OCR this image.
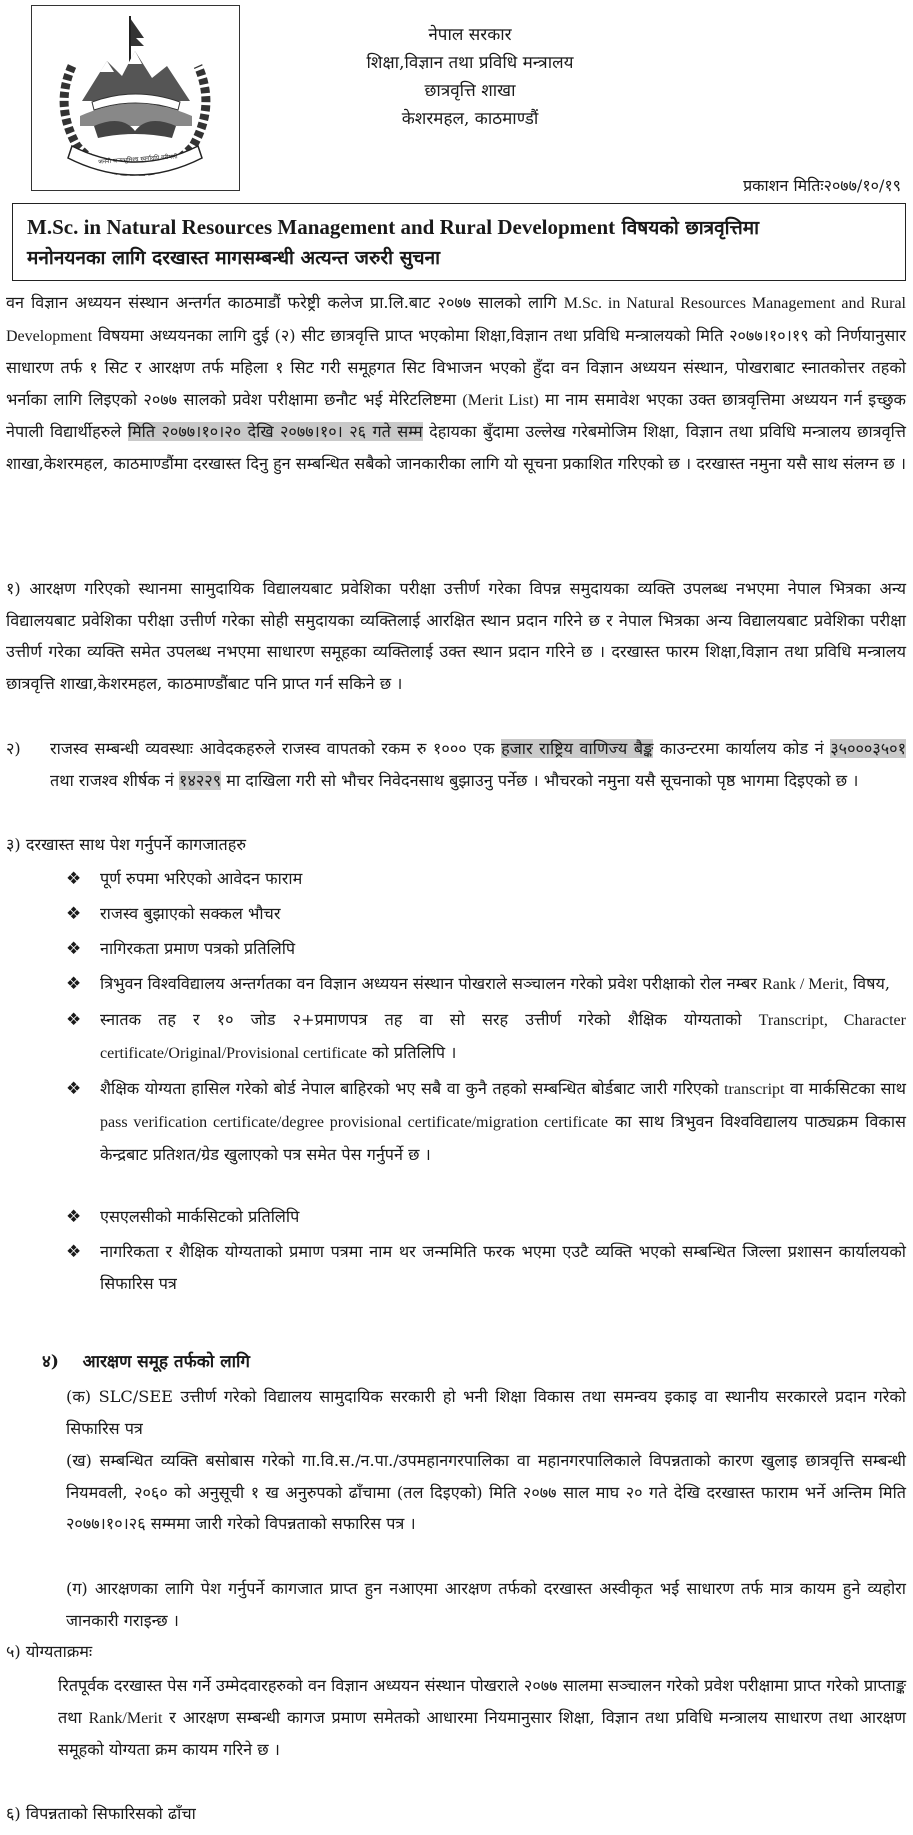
जननी जन्मभूमिश्च स्वर्गादपि गरीयसी
नेपाल सरकार
शिक्षा,विज्ञान तथा प्रविधि मन्त्रालय
छात्रवृत्ति शाखा
केशरमहल, काठमाण्डौं
प्रकाशन मितिः२०७७/१०/१९
M.Sc. in Natural Resources Management and Rural Development विषयको छात्रवृत्तिमा
मनोनयनका लागि दरखास्त मागसम्बन्धी अत्यन्त जरुरी सुचना
वन विज्ञान अध्ययन संस्थान अन्तर्गत काठमाडौं फरेष्ट्री कलेज प्रा.लि.बाट २०७७ सालको लागि M.Sc. in Natural Resources Management and Rural Development विषयमा अध्ययनका लागि दुई (२) सीट छात्रवृत्ति प्राप्त भएकोमा शिक्षा,विज्ञान तथा प्रविधि मन्त्रालयको मिति २०७७।१०।१९ को निर्णयानुसार साधारण तर्फ १ सिट र आरक्षण तर्फ महिला १ सिट गरी समूहगत सिट विभाजन भएको हुँदा वन विज्ञान अध्ययन संस्थान, पोखराबाट स्नातकोत्तर तहको भर्नाका लागि लिइएको २०७७ सालको प्रवेश परीक्षामा छनौट भई मेरिटलिष्टमा (Merit List) मा नाम समावेश भएका उक्त छात्रवृत्तिमा अध्ययन गर्न इच्छुक नेपाली विद्यार्थीहरुले मिति २०७७।१०।२० देखि २०७७।१०। २६ गते सम्म देहायका बुँदामा उल्लेख गरेबमोजिम शिक्षा, विज्ञान तथा प्रविधि मन्त्रालय छात्रवृत्ति शाखा,केशरमहल, काठमाण्डौंमा दरखास्त दिनु हुन सम्बन्धित सबैको जानकारीका लागि यो सूचना प्रकाशित गरिएको छ । दरखास्त नमुना यसै साथ संलग्न छ ।
१) आरक्षण गरिएको स्थानमा सामुदायिक विद्यालयबाट प्रवेशिका परीक्षा उत्तीर्ण गरेका विपन्न समुदायका व्यक्ति उपलब्ध नभएमा नेपाल भित्रका अन्य विद्यालयबाट प्रवेशिका परीक्षा उत्तीर्ण गरेका सोही समुदायका व्यक्तिलाई आरक्षित स्थान प्रदान गरिने छ र नेपाल भित्रका अन्य विद्यालयबाट प्रवेशिका परीक्षा उत्तीर्ण गरेका व्यक्ति समेत उपलब्ध नभएमा साधारण समूहका व्यक्तिलाई उक्त स्थान प्रदान गरिने छ । दरखास्त फारम शिक्षा,विज्ञान तथा प्रविधि मन्त्रालय छात्रवृत्ति शाखा,केशरमहल, काठमाण्डौंबाट पनि प्राप्त गर्न सकिने छ ।
२) राजस्व सम्बन्धी व्यवस्थाः आवेदकहरुले राजस्व वापतको रकम रु १००० एक हजार राष्ट्रिय वाणिज्य बैङ्क काउन्टरमा कार्यालय कोड नं ३५०००३५०१ तथा राजश्व शीर्षक नं १४२२९ मा दाखिला गरी सो भौचर निवेदनसाथ बुझाउनु पर्नेछ । भौचरको नमुना यसै सूचनाको पृष्ठ भागमा दिइएको छ ।
३) दरखास्त साथ पेश गर्नुपर्ने कागजातहरु
❖ पूर्ण रुपमा भरिएको आवेदन फाराम
❖ राजस्व बुझाएको सक्कल भौचर
❖ नागिरकता प्रमाण पत्रको प्रतिलिपि
❖ त्रिभुवन विश्वविद्यालय अन्तर्गतका वन विज्ञान अध्ययन संस्थान पोखराले सञ्चालन गरेको प्रवेश परीक्षाको रोल नम्बर Rank / Merit, विषय,
❖ स्नातक तह र १० जोड २+प्रमाणपत्र तह वा सो सरह उत्तीर्ण गरेको शैक्षिक योग्यताको Transcript, Character certificate/Original/Provisional certificate को प्रतिलिपि ।
❖ शैक्षिक योग्यता हासिल गरेको बोर्ड नेपाल बाहिरको भए सबै वा कुनै तहको सम्बन्धित बोर्डबाट जारी गरिएको transcript वा मार्कसिटका साथ pass verification certificate/degree provisional certificate/migration certificate का साथ त्रिभुवन विश्वविद्यालय पाठ्यक्रम विकास केन्द्रबाट प्रतिशत/ग्रेड खुलाएको पत्र समेत पेस गर्नुपर्ने छ ।
❖ एसएलसीको मार्कसिटको प्रतिलिपि
❖ नागरिकता र शैक्षिक योग्यताको प्रमाण पत्रमा नाम थर जन्ममिति फरक भएमा एउटै व्यक्ति भएको सम्बन्धित जिल्ला प्रशासन कार्यालयको सिफारिस पत्र
४) आरक्षण समूह तर्फको लागि
(क) SLC/SEE उत्तीर्ण गरेको विद्यालय सामुदायिक सरकारी हो भनी शिक्षा विकास तथा समन्वय इकाइ वा स्थानीय सरकारले प्रदान गरेको सिफारिस पत्र
(ख) सम्बन्धित व्यक्ति बसोबास गरेको गा.वि.स./न.पा./उपमहानगरपालिका वा महानगरपालिकाले विपन्नताको कारण खुलाइ छात्रवृत्ति सम्बन्धी नियमवली, २०६० को अनुसूची १ ख अनुरुपको ढाँचामा (तल दिइएको) मिति २०७७ साल माघ २० गते देखि दरखास्त फाराम भर्ने अन्तिम मिति २०७७।१०।२६ सम्ममा जारी गरेको विपन्नताको सफारिस पत्र ।
(ग) आरक्षणका लागि पेश गर्नुपर्ने कागजात प्राप्त हुन नआएमा आरक्षण तर्फको दरखास्त अस्वीकृत भई साधारण तर्फ मात्र कायम हुने व्यहोरा जानकारी गराइन्छ ।
५) योग्यताक्रमः
रितपूर्वक दरखास्त पेस गर्ने उम्मेदवारहरुको वन विज्ञान अध्ययन संस्थान पोखराले २०७७ सालमा सञ्चालन गरेको प्रवेश परीक्षामा प्राप्त गरेको प्राप्ताङ्क तथा Rank/Merit र आरक्षण सम्बन्धी कागज प्रमाण समेतको आधारमा नियमानुसार शिक्षा, विज्ञान तथा प्रविधि मन्त्रालय साधारण तथा आरक्षण समूहको योग्यता क्रम कायम गरिने छ ।
६) विपन्नताको सिफारिसको ढाँचा
